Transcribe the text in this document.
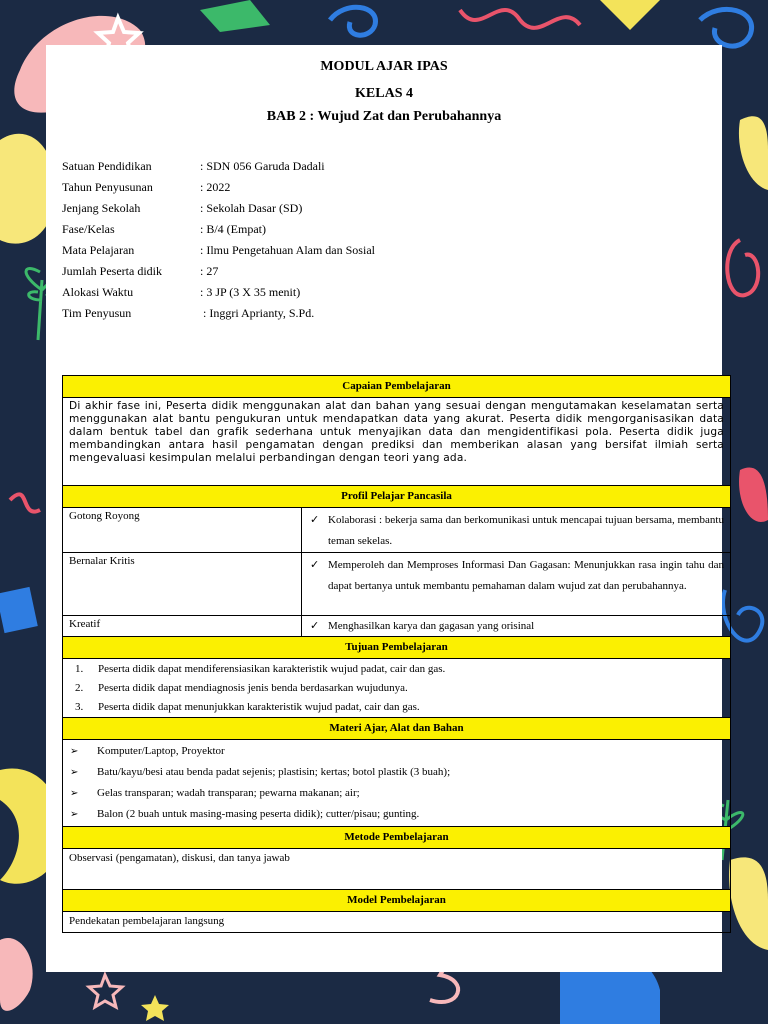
MODUL AJAR IPAS
KELAS 4
BAB 2 : Wujud Zat dan Perubahannya
Satuan Pendidikan	: SDN 056 Garuda Dadali
Tahun Penyusunan	: 2022
Jenjang Sekolah	: Sekolah Dasar (SD)
Fase/Kelas	: B/4 (Empat)
Mata Pelajaran	: Ilmu Pengetahuan Alam dan Sosial
Jumlah Peserta didik	: 27
Alokasi Waktu	: 3 JP (3 X 35 menit)
Tim Penyusun	: Inggri Aprianty, S.Pd.
Capaian Pembelajaran
Di akhir fase ini, Peserta didik menggunakan alat dan bahan yang sesuai dengan mengutamakan keselamatan serta menggunakan alat bantu pengukuran untuk mendapatkan data yang akurat. Peserta didik mengorganisasikan data dalam bentuk tabel dan grafik sederhana untuk menyajikan data dan mengidentifikasi pola. Peserta didik juga membandingkan antara hasil pengamatan dengan prediksi dan memberikan alasan yang bersifat ilmiah serta mengevaluasi kesimpulan melalui perbandingan dengan teori yang ada.
Profil Pelajar Pancasila
Gotong Royong	✓ Kolaborasi : bekerja sama dan berkomunikasi untuk mencapai tujuan bersama, membantu teman sekelas.
Bernalar Kritis	✓ Memperoleh dan Memproses Informasi Dan Gagasan: Menunjukkan rasa ingin tahu dan dapat bertanya untuk membantu pemahaman dalam wujud zat dan perubahannya.
Kreatif	✓ Menghasilkan karya dan gagasan yang orisinal
Tujuan Pembelajaran
1. Peserta didik dapat mendiferensiasikan karakteristik wujud padat, cair dan gas.
2. Peserta didik dapat mendiagnosis jenis benda berdasarkan wujudunya.
3. Peserta didik dapat menunjukkan karakteristik wujud padat, cair dan gas.
Materi Ajar, Alat dan Bahan
➢ Komputer/Laptop, Proyektor
➢ Batu/kayu/besi atau benda padat sejenis; plastisin; kertas; botol plastik (3 buah);
➢ Gelas transparan; wadah transparan; pewarna makanan; air;
➢ Balon (2 buah untuk masing-masing peserta didik); cutter/pisau; gunting.
Metode Pembelajaran
Observasi (pengamatan), diskusi, dan tanya jawab
Model Pembelajaran
Pendekatan pembelajaran langsung
